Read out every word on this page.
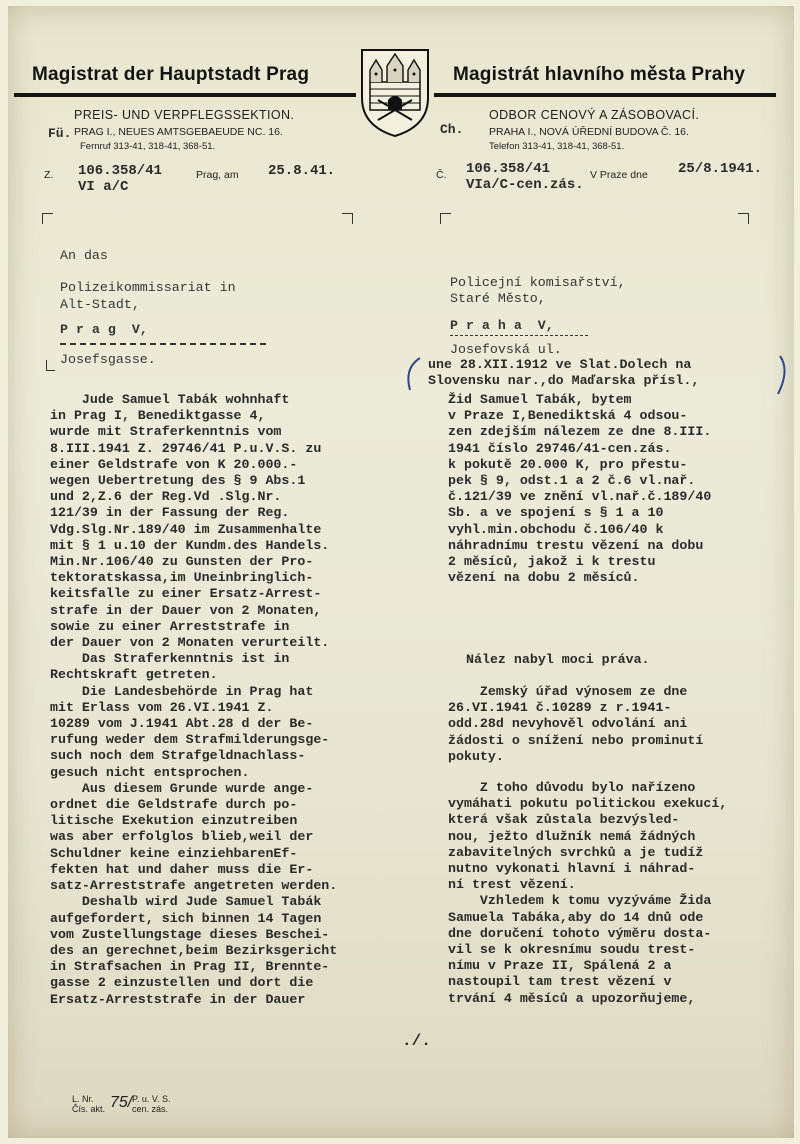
Magistrat der Hauptstadt Prag	Magistrát hlavního města Prahy
PREIS- UND VERPFLEGSSEKTION.
Fü. PRAG I., NEUES AMTSGEBAEUDE NC. 16.
Fernruf 313-41, 318-41, 368-51.
ODBOR CENOVÝ A ZÁSOBOVACÍ.
Ch. PRAHA I., NOVÁ ÚŘEDNÍ BUDOVA Č. 16.
Telefon 313-41, 318-41, 368-51.
Z. 106.358/41
VI a/C
Prag, am 25.8.41.	Č. 106.358/41
VIa/C-cen.zás.
V Praze dne 25/8.1941.
An das
Polizeikommissariat in
Alt-Stadt,
P r a g  V,
Josefsgasse.
Policejní komisařství,
Staré Město,
P r a h a  V,
Josefovská ul.
une 28.XII.1912 ve Slat.Dolech na
Slovensku nar.,do Maďarska přísl.,
Jude Samuel Tabák wohnhaft
in Prag I, Benediktgasse 4,
wurde mit Straferkenntnis vom
8.III.1941 Z. 29746/41 P.u.V.S. zu
einer Geldstrafe von K 20.000.-
wegen Uebertretung des § 9 Abs.1
und 2,Z.6 der Reg.Vd .Slg.Nr.
121/39 in der Fassung der Reg.
Vdg.Slg.Nr.189/40 im Zusammenhalte
mit § 1 u.10 der Kundm.des Handels.
Min.Nr.106/40 zu Gunsten der Pro-
tektoratskassa,im Uneinbringlich-
keitsfalle zu einer Ersatz-Arrest-
strafe in der Dauer von 2 Monaten,
sowie zu einer Arreststrafe in
der Dauer von 2 Monaten verurteilt.
Das Straferkenntnis ist in
Rechtskraft getreten.
Die Landesbehörde in Prag hat
mit Erlass vom 26.VI.1941 Z.
10289 vom J.1941 Abt.28 d der Be-
rufung weder dem Strafmilderungsge-
such noch dem Strafgeldnachlass-
gesuch nicht entsprochen.
Aus diesem Grunde wurde ange-
ordnet die Geldstrafe durch po-
litische Exekution einzutreiben
was aber erfolglos blieb,weil der
Schuldner keine einziehbarenEf-
fekten hat und daher muss die Er-
satz-Arreststrafe angetreten werden.
Deshalb wird Jude Samuel Tabák
aufgefordert, sich binnen 14 Tagen
vom Zustellungstage dieses Beschei-
des an gerechnet,beim Bezirksgericht
in Strafsachen in Prag II, Brennte-
gasse 2 einzustellen und dort die
Ersatz-Arreststrafe in der Dauer
Žid Samuel Tabák, bytem
v Praze I,Benediktská 4 odsou-
zen zdejším nálezem ze dne 8.III.
1941 číslo 29746/41-cen.zás.
k pokutě 20.000 K, pro přestu-
pek § 9, odst.1 a 2 č.6 vl.nař.
č.121/39 ve znění vl.nař.č.189/40
Sb. a ve spojení s § 1 a 10
vyhl.min.obchodu č.106/40 k
náhradnímu trestu vězení na dobu
2 měsíců, jakož i k trestu
vězení na dobu 2 měsíců.
Nález nabyl moci práva.
Zemský úřad výnosem ze dne
26.VI.1941 č.10289 z r.1941-
odd.28d nevyhověl odvolání ani
žádosti o snížení nebo prominutí
pokuty.
Z toho důvodu bylo nařízeno
vymáhati pokutu politickou exekucí,
která však zůstala bezvýsled-
nou, ježto dlužník nemá žádných
zabavitelných svrchků a je tudíž
nutno vykonati hlavní i náhrad-
ní trest vězení.
Vzhledem k tomu vyzýváme Žida
Samuela Tabáka,aby do 14 dnů ode
dne doručení tohoto výměru dosta-
vil se k okresnímu soudu trest-
nímu v Praze II, Spálená 2 a
nastoupil tam trest vězení v
trvání 4 měsíců a upozorňujeme,
./.
L. Nr.
Čís. akt. 75/ P. u. V. S.
cen. zás.
